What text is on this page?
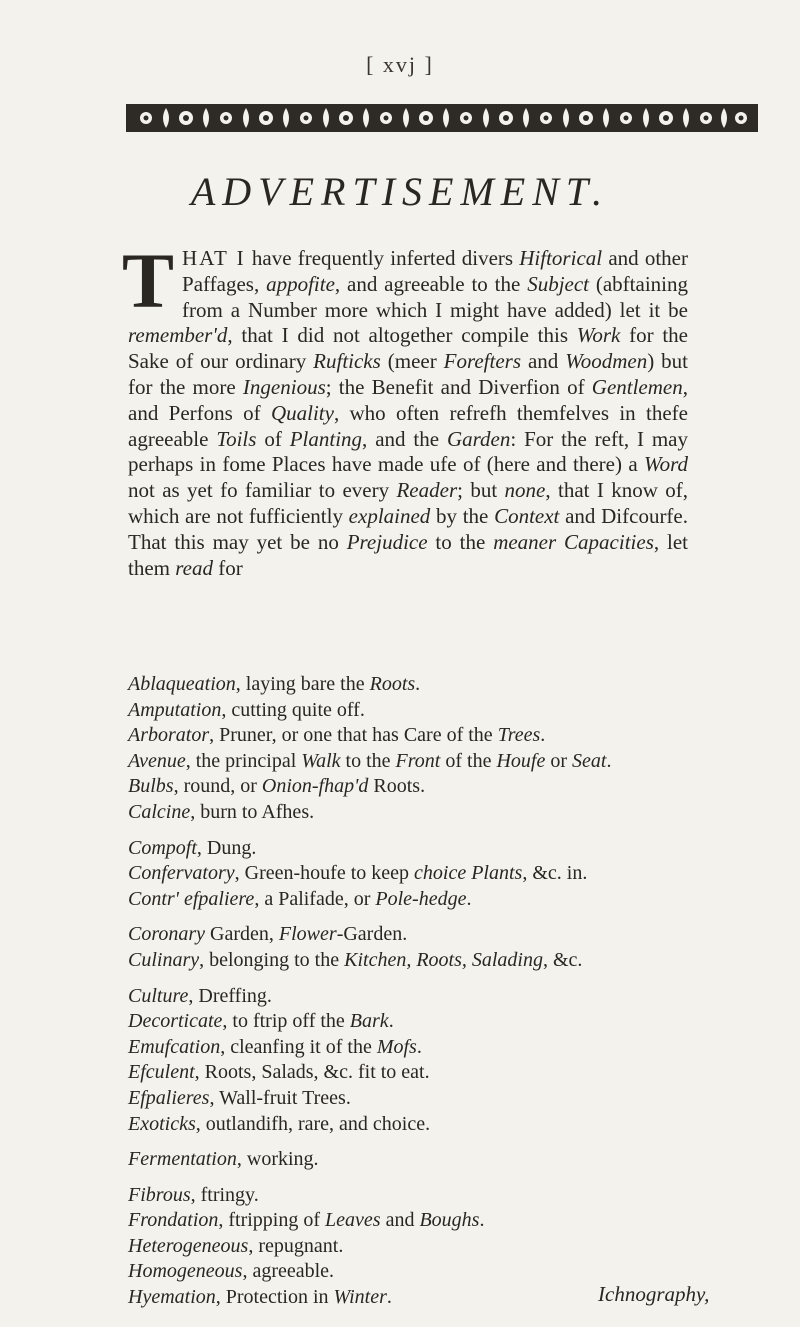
[ xvj ]
ADVERTISEMENT.
THAT I have frequently inferted divers Hiftorical and other Paffages, appofite, and agreeable to the Subject (abftaining from a Number more which I might have added) let it be remember'd, that I did not altogether compile this Work for the Sake of our ordinary Rufticks (meer Forefters and Woodmen) but for the more Ingenious; the Benefit and Diverfion of Gentlemen, and Perfons of Quality, who often refrefh themfelves in thefe agreeable Toils of Planting, and the Garden: For the reft, I may perhaps in fome Places have made ufe of (here and there) a Word not as yet fo familiar to every Reader; but none, that I know of, which are not fufficiently explained by the Context and Difcourfe. That this may yet be no Prejudice to the meaner Capacities, let them read for
Ablaqueation, laying bare the Roots.
Amputation, cutting quite off.
Arborator, Pruner, or one that has Care of the Trees.
Avenue, the principal Walk to the Front of the Houfe or Seat.
Bulbs, round, or Onion-fhap'd Roots.
Calcine, burn to Afhes.
Compoft, Dung.
Confervatory, Green-houfe to keep choice Plants, &c. in.
Contr' efpaliere, a Palifade, or Pole-hedge.
Coronary Garden, Flower-Garden.
Culinary, belonging to the Kitchen, Roots, Salading, &c.
Culture, Dreffing.
Decorticate, to ftrip off the Bark.
Emufcation, cleanfing it of the Mofs.
Efculent, Roots, Salads, &c. fit to eat.
Efpalieres, Wall-fruit Trees.
Exoticks, outlandifh, rare, and choice.
Fermentation, working.
Fibrous, ftringy.
Frondation, ftripping of Leaves and Boughs.
Heterogeneous, repugnant.
Homogeneous, agreeable.
Hyemation, Protection in Winter.	Ichnography,
